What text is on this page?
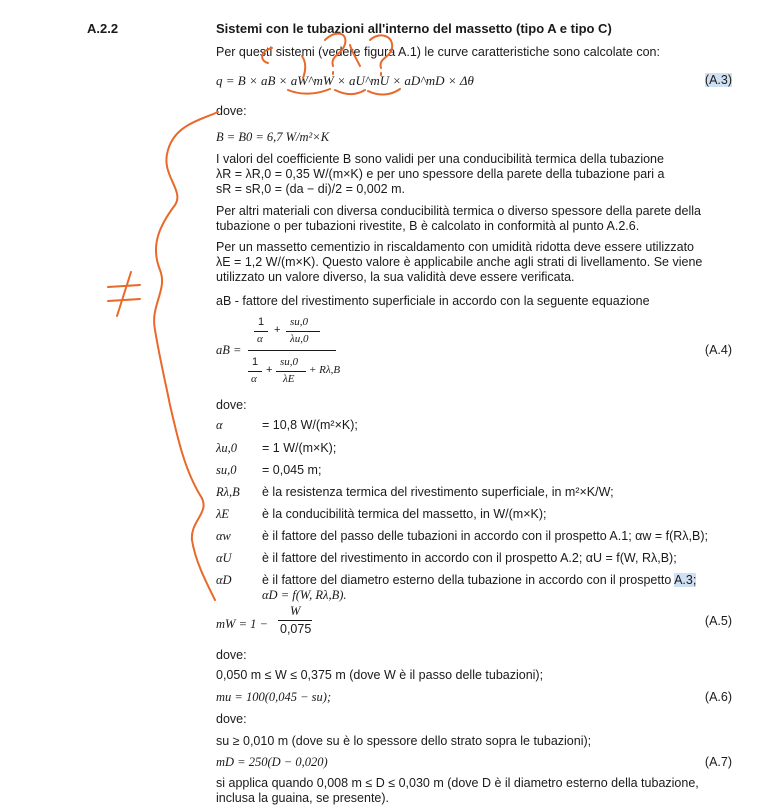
A.2.2	Sistemi con le tubazioni all'interno del massetto (tipo A e tipo C)
Per questi sistemi (vedere figura A.1) le curve caratteristiche sono calcolate con:
q = B × aB × aW^mW × aU^mU × aD^mD × Δθ	(A.3)
dove:
B = B0 = 6,7 W/m²×K
I valori del coefficiente B sono validi per una conducibilità termica della tubazione
λR = λR,0 = 0,35 W/(m×K) e per uno spessore della parete della tubazione pari a
sR = sR,0 = (da − di)/2 = 0,002 m.
Per altri materiali con diversa conducibilità termica o diverso spessore della parete della
tubazione o per tubazioni rivestite, B è calcolato in conformità al punto A.2.6.
Per un massetto cementizio in riscaldamento con umidità ridotta deve essere utilizzato
λE = 1,2 W/(m×K). Questo valore è applicabile anche agli strati di livellamento. Se viene
utilizzato un valore diverso, la sua validità deve essere verificata.
aB - fattore del rivestimento superficiale in accordo con la seguente equazione
aB =
1
α
+
su,0
λu,0
1
α
+
su,0
λE
+ Rλ,B
(A.4)
dove:
α	= 10,8 W/(m²×K);
λu,0 = 1 W/(m×K);
su,0 = 0,045 m;
Rλ,B è la resistenza termica del rivestimento superficiale, in m²×K/W;
λE	è la conducibilità termica del massetto, in W/(m×K);
αw è il fattore del passo delle tubazioni in accordo con il prospetto A.1; αw = f(Rλ,B);
αU è il fattore del rivestimento in accordo con il prospetto A.2; αU = f(W, Rλ,B);
αD è il fattore del diametro esterno della tubazione in accordo con il prospetto A.3;
αD = f(W, Rλ,B).
mW = 1 −
W
0,075
(A.5)
dove:
0,050 m ≤ W ≤ 0,375 m (dove W è il passo delle tubazioni);
mu = 100(0,045 − su);	(A.6)
dove:
su ≥ 0,010 m (dove su è lo spessore dello strato sopra le tubazioni);
mD = 250(D − 0,020)	(A.7)
si applica quando 0,008 m ≤ D ≤ 0,030 m (dove D è il diametro esterno della tubazione,
inclusa la guaina, se presente).
